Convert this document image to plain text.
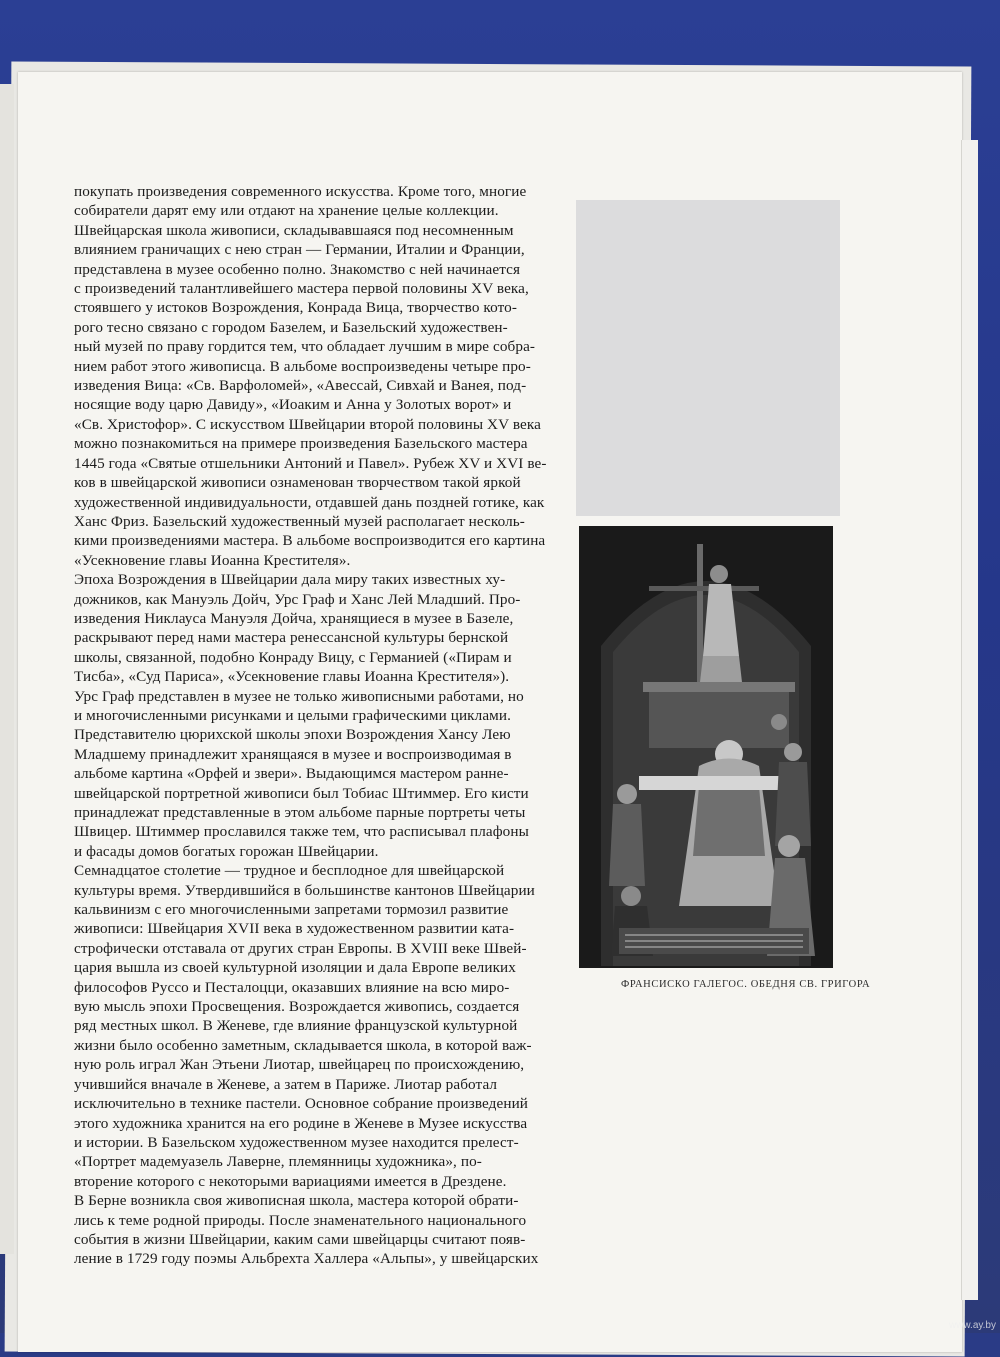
покупать произведения современного искусства. Кроме того, многие
собиратели дарят ему или отдают на хранение целые коллекции.
Швейцарская школа живописи, складывавшаяся под несомненным
влиянием граничащих с нею стран — Германии, Италии и Франции,
представлена в музее особенно полно. Знакомство с ней начинается
с произведений талантливейшего мастера первой половины XV века,
стоявшего у истоков Возрождения, Конрада Вица, творчество кото-
рого тесно связано с городом Базелем, и Базельский художествен-
ный музей по праву гордится тем, что обладает лучшим в мире собра-
нием работ этого живописца. В альбоме воспроизведены четыре про-
изведения Вица: «Св. Варфоломей», «Авессай, Сивхай и Ванея, под-
носящие воду царю Давиду», «Иоаким и Анна у Золотых ворот» и
«Св. Христофор». С искусством Швейцарии второй половины XV века
можно познакомиться на примере произведения Базельского мастера
1445 года «Святые отшельники Антоний и Павел». Рубеж XV и XVI ве-
ков в швейцарской живописи ознаменован творчеством такой яркой
художественной индивидуальности, отдавшей дань поздней готике, как
Ханс Фриз. Базельский художественный музей располагает несколь-
кими произведениями мастера. В альбоме воспроизводится его картина
«Усекновение главы Иоанна Крестителя».
Эпоха Возрождения в Швейцарии дала миру таких известных ху-
дожников, как Мануэль Дойч, Урс Граф и Ханс Лей Младший. Про-
изведения Никлауса Мануэля Дойча, хранящиеся в музее в Базеле,
раскрывают перед нами мастера ренессансной культуры бернской
школы, связанной, подобно Конраду Вицу, с Германией («Пирам и
Тисба», «Суд Париса», «Усекновение главы Иоанна Крестителя»).
Урс Граф представлен в музее не только живописными работами, но
и многочисленными рисунками и целыми графическими циклами.
Представителю цюрихской школы эпохи Возрождения Хансу Лею
Младшему принадлежит хранящаяся в музее и воспроизводимая в
альбоме картина «Орфей и звери». Выдающимся мастером ранне-
швейцарской портретной живописи был Тобиас Штиммер. Его кисти
принадлежат представленные в этом альбоме парные портреты четы
Швицер. Штиммер прославился также тем, что расписывал плафоны
и фасады домов богатых горожан Швейцарии.
Семнадцатое столетие — трудное и бесплодное для швейцарской
культуры время. Утвердившийся в большинстве кантонов Швейцарии
кальвинизм с его многочисленными запретами тормозил развитие
живописи: Швейцария XVII века в художественном развитии ката-
строфически отставала от других стран Европы. В XVIII веке Швей-
цария вышла из своей культурной изоляции и дала Европе великих
философов Руссо и Песталоцци, оказавших влияние на всю миро-
вую мысль эпохи Просвещения. Возрождается живопись, создается
ряд местных школ. В Женеве, где влияние французской культурной
жизни было особенно заметным, складывается школа, в которой важ-
ную роль играл Жан Этьени Лиотар, швейцарец по происхождению,
учившийся вначале в Женеве, а затем в Париже. Лиотар работал
исключительно в технике пастели. Основное собрание произведений
этого художника хранится на его родине в Женеве в Музее искусства
и истории. В Базельском художественном музее находится прелест-
«Портрет мадемуазель Лаверне, племянницы художника», по-
вторение которого с некоторыми вариациями имеется в Дрездене.
В Берне возникла своя живописная школа, мастера которой обрати-
лись к теме родной природы. После знаменательного национального
события в жизни Швейцарии, каким сами швейцарцы считают появ-
ление в 1729 году поэмы Альбрехта Халлера «Альпы», у швейцарских
ФРАНСИСКО ГАЛЕГОС. ОБЕДНЯ СВ. ГРИГОРА
www.ay.by
